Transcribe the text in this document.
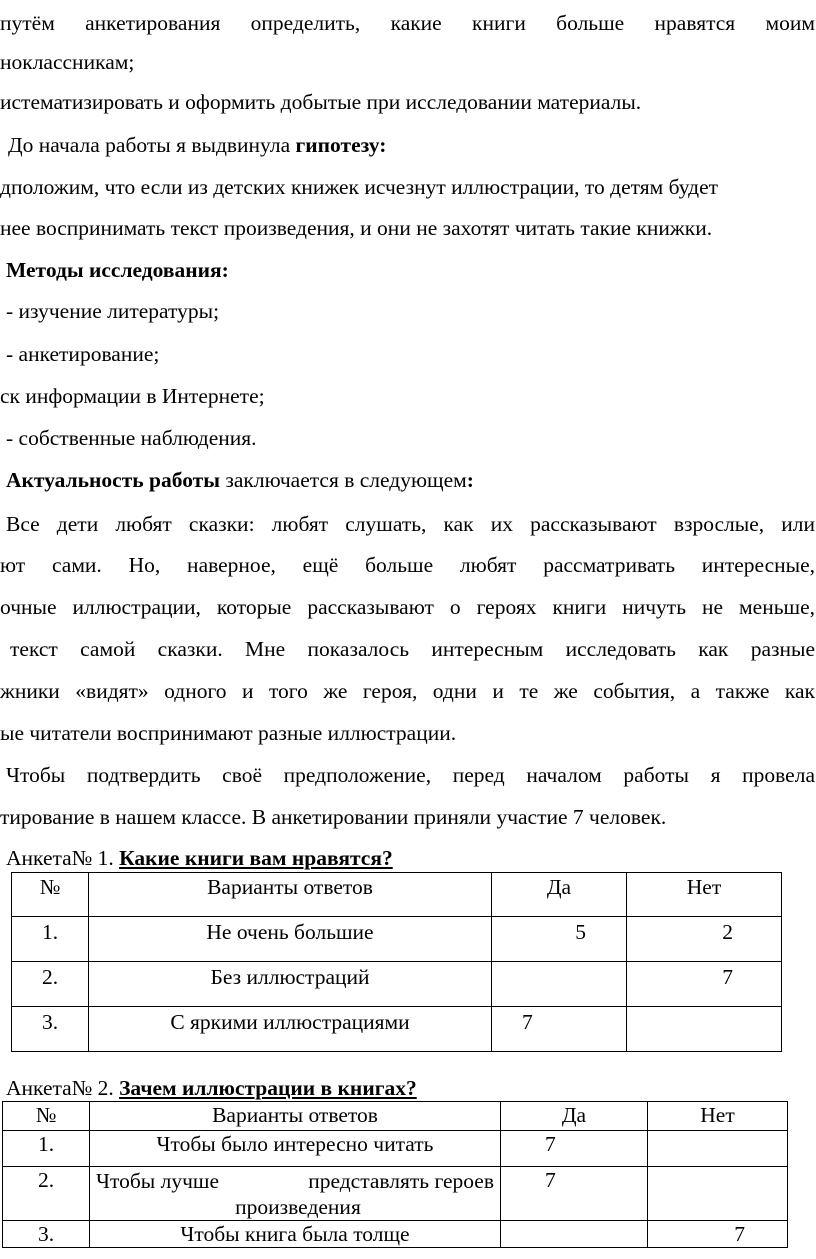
путём анкетирования определить, какие книги больше нравятся моим
ноклассникам;
истематизировать и оформить добытые при исследовании материалы.
До начала работы я выдвинула гипотезу:
дположим, что если из детских книжек исчезнут иллюстрации, то детям будет
нее воспринимать текст произведения, и они не захотят читать такие книжки.
Методы исследования:
- изучение литературы;
- анкетирование;
ск информации в Интернете;
- собственные наблюдения.
Актуальность работы заключается в следующем:
Все дети любят сказки: любят слушать, как их рассказывают взрослые, или
ют сами. Но, наверное, ещё больше любят рассматривать интересные,
очные иллюстрации, которые рассказывают о героях книги ничуть не меньше,
текст самой сказки. Мне показалось интересным исследовать как разные
жники «видят» одного и того же героя, одни и те же события, а также как
ые читатели воспринимают разные иллюстрации.
Чтобы подтвердить своё предположение, перед началом работы я провела
тирование в нашем классе. В анкетировании приняли участие 7 человек.
Анкета№ 1. Какие книги вам нравятся?
№	Варианты ответов	Да	Нет
1.	Не очень большие	5	2
2.	Без иллюстраций		7
3.	С яркими иллюстрациями	7	
Анкета№ 2. Зачем иллюстрации в книгах?
№	Варианты ответов	Да	Нет
1.	Чтобы было интересно читать	7	
2.	Чтобы лучше представлять героев
произведения	7	
3.	Чтобы книга была толще		7
